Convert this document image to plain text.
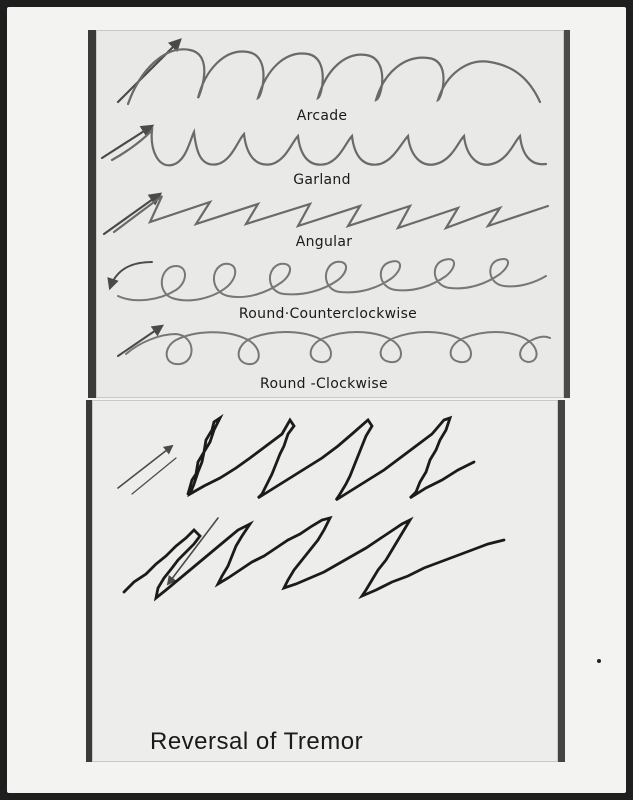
Arcade
Garland
Angular
Round·Counterclockwise
Round -Clockwise
Reversal of Tremor
